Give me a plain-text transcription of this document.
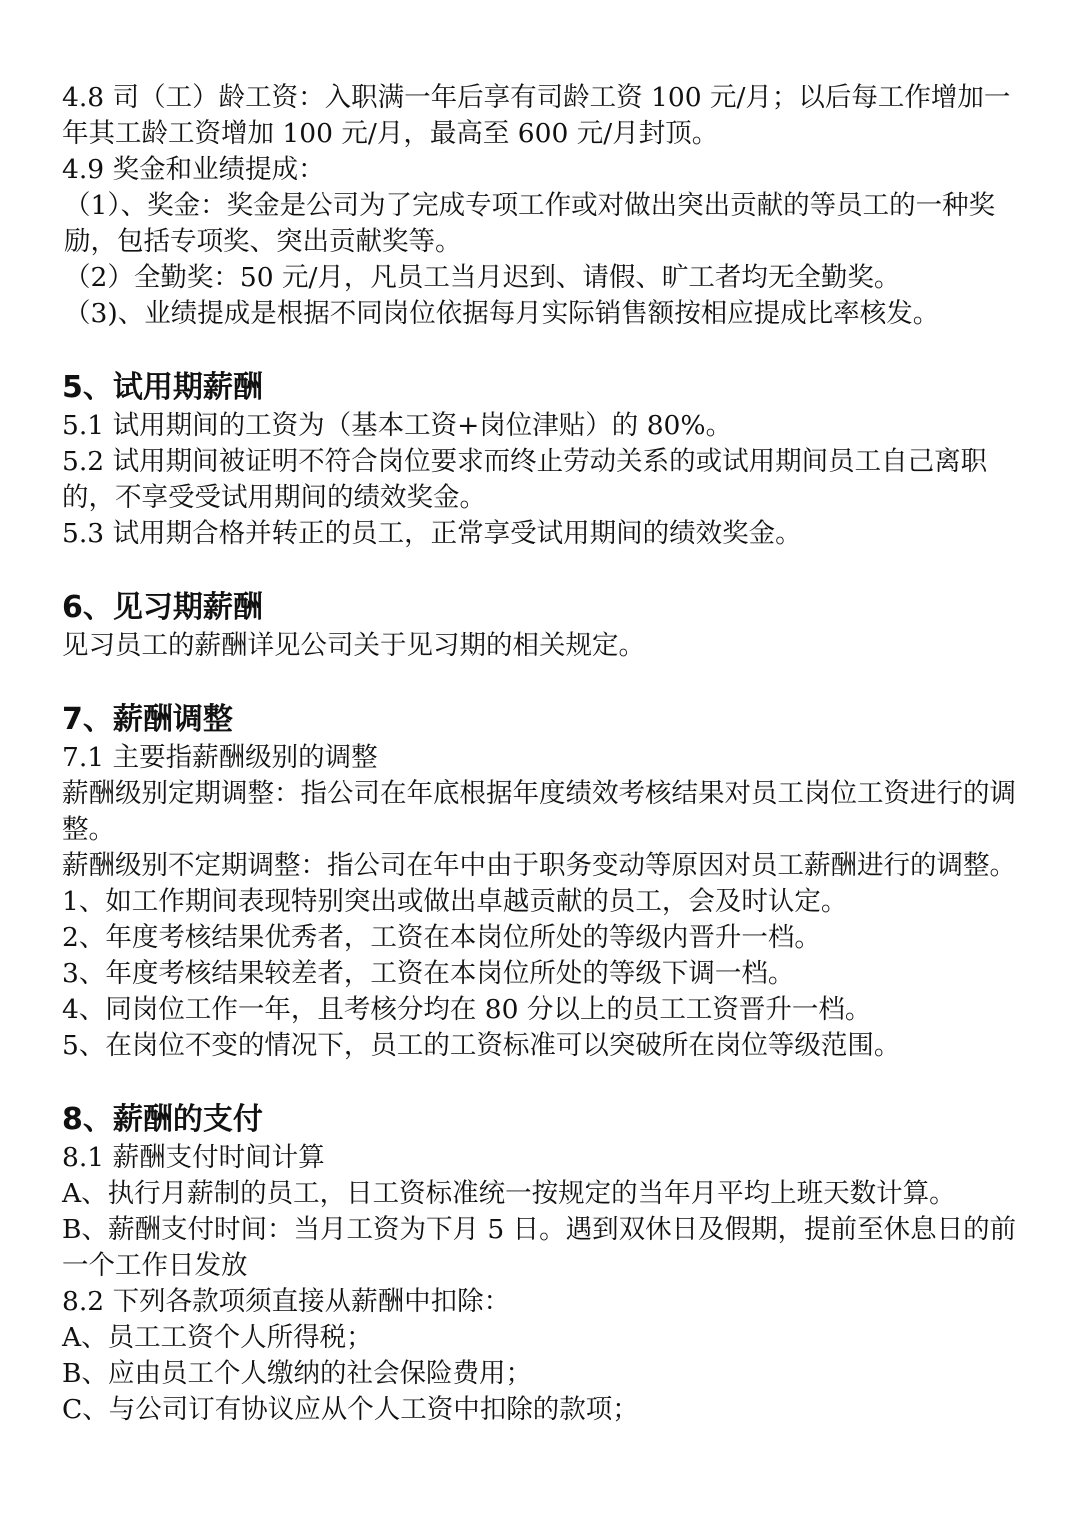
4.8 司（工）龄工资：入职满一年后享有司龄工资 100 元/月；以后每工作增加一年其工龄工资增加 100 元/月，最高至 600 元/月封顶。

4.9 奖金和业绩提成：

（1）、奖金：奖金是公司为了完成专项工作或对做出突出贡献的等员工的一种奖励，包括专项奖、突出贡献奖等。

（2）全勤奖：50 元/月，凡员工当月迟到、请假、旷工者均无全勤奖。

（3)、业绩提成是根据不同岗位依据每月实际销售额按相应提成比率核发。

5、试用期薪酬

5.1 试用期间的工资为（基本工资+岗位津贴）的 80%。

5.2 试用期间被证明不符合岗位要求而终止劳动关系的或试用期间员工自己离职的，不享受受试用期间的绩效奖金。

5.3 试用期合格并转正的员工，正常享受试用期间的绩效奖金。

6、见习期薪酬

见习员工的薪酬详见公司关于见习期的相关规定。

7、薪酬调整

7.1 主要指薪酬级别的调整

薪酬级别定期调整：指公司在年底根据年度绩效考核结果对员工岗位工资进行的调整。

薪酬级别不定期调整：指公司在年中由于职务变动等原因对员工薪酬进行的调整。

1、如工作期间表现特别突出或做出卓越贡献的员工，会及时认定。

2、年度考核结果优秀者，工资在本岗位所处的等级内晋升一档。

3、年度考核结果较差者，工资在本岗位所处的等级下调一档。

4、同岗位工作一年，且考核分均在 80 分以上的员工工资晋升一档。

5、在岗位不变的情况下，员工的工资标准可以突破所在岗位等级范围。

8、薪酬的支付

8.1 薪酬支付时间计算

A、执行月薪制的员工，日工资标准统一按规定的当年月平均上班天数计算。

B、薪酬支付时间：当月工资为下月 5 日。遇到双休日及假期，提前至休息日的前一个工作日发放

8.2 下列各款项须直接从薪酬中扣除：

A、员工工资个人所得税；

B、应由员工个人缴纳的社会保险费用；

C、与公司订有协议应从个人工资中扣除的款项；
